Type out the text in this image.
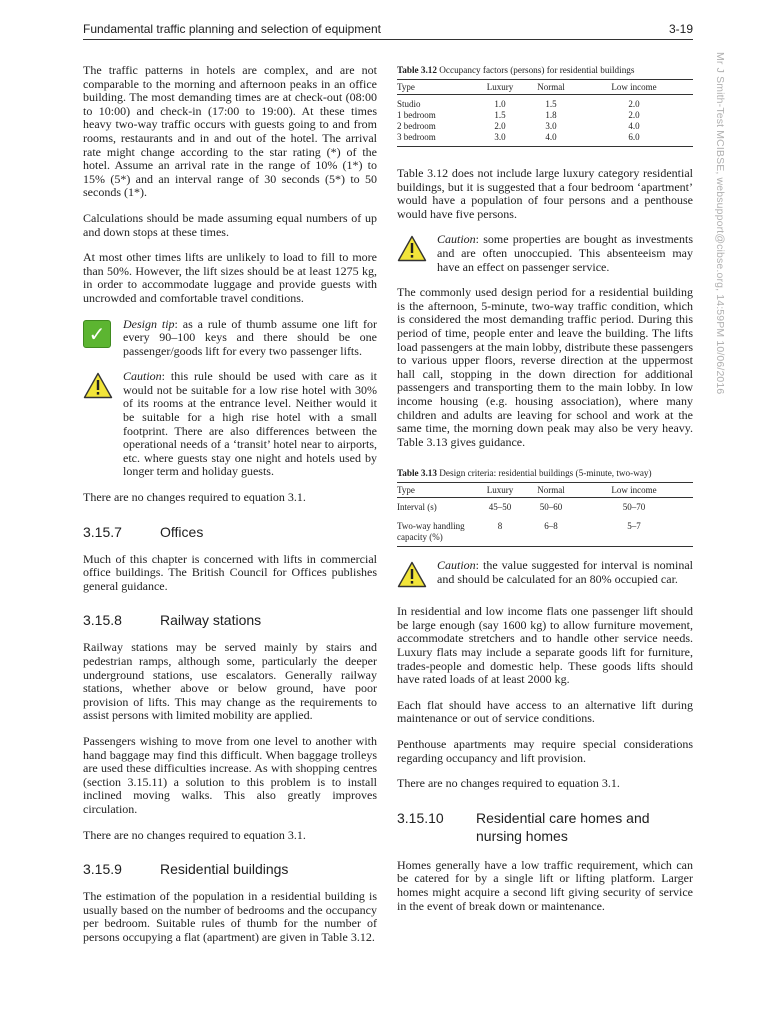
Fundamental traffic planning and selection of equipment	3-19
Mr J Smith-Test MCIBSE, websupport@cibse.org, 14:59PM 10/06/2016

The traffic patterns in hotels are complex, and are not comparable to the morning and afternoon peaks in an office building. The most demanding times are at check-out (08:00 to 10:00) and check-in (17:00 to 19:00). At these times heavy two-way traffic occurs with guests going to and from rooms, restaurants and in and out of the hotel. The arrival rate might change according to the star rating (*) of the hotel. Assume an arrival rate in the range of 10% (1*) to 15% (5*) and an interval range of 30 seconds (5*) to 50 seconds (1*).

Calculations should be made assuming equal numbers of up and down stops at these times.

At most other times lifts are unlikely to load to fill to more than 50%. However, the lift sizes should be at least 1275 kg, in order to accommodate luggage and provide guests with uncrowded and comfortable travel conditions.

✓	Design tip: as a rule of thumb assume one lift for every 90–100 keys and there should be one passenger/goods lift for every two passenger lifts.

Caution: this rule should be used with care as it would not be suitable for a low rise hotel with 30% of its rooms at the entrance level. Neither would it be suitable for a high rise hotel with a small footprint. There are also differences between the operational needs of a ‘transit’ hotel near to airports, etc. where guests stay one night and hotels used by longer term and holiday guests.

There are no changes required to equation 3.1.

3.15.7	Offices

Much of this chapter is concerned with lifts in commercial office buildings. The British Council for Offices publishes general guidance.

3.15.8	Railway stations

Railway stations may be served mainly by stairs and pedestrian ramps, although some, particularly the deeper underground stations, use escalators. Generally railway stations, whether above or below ground, have poor provision of lifts. This may change as the requirements to assist persons with limited mobility are applied.

Passengers wishing to move from one level to another with hand baggage may find this difficult. When baggage trolleys are used these difficulties increase. As with shopping centres (section 3.15.11) a solution to this problem is to install inclined moving walks. This also greatly improves circulation.

There are no changes required to equation 3.1.

3.15.9	Residential buildings

The estimation of the population in a residential building is usually based on the number of bedrooms and the occupancy per bedroom. Suitable rules of thumb for the number of persons occupying a flat (apartment) are given in Table 3.12.

Table 3.12 Occupancy factors (persons) for residential buildings
Type	Luxury	Normal	Low income
Studio	1.0	1.5	2.0
1 bedroom	1.5	1.8	2.0
2 bedroom	2.0	3.0	4.0
3 bedroom	3.0	4.0	6.0

Table 3.12 does not include large luxury category residential buildings, but it is suggested that a four bedroom ‘apartment’ would have a population of four persons and a penthouse would have five persons.

Caution: some properties are bought as investments and are often unoccupied. This absenteeism may have an effect on passenger service.

The commonly used design period for a residential building is the afternoon, 5-minute, two-way traffic condition, which is considered the most demanding traffic period. During this period of time, people enter and leave the building. The lifts load passengers at the main lobby, distribute these passengers to various upper floors, reverse direction at the uppermost hall call, stopping in the down direction for additional passengers and transporting them to the main lobby. In low income housing (e.g. housing association), where many children and adults are leaving for school and work at the same time, the morning down peak may also be very heavy. Table 3.13 gives guidance.

Table 3.13 Design criteria: residential buildings (5-minute, two-way)
Type	Luxury	Normal	Low income
Interval (s)	45–50	50–60	50–70
Two-way handling capacity (%)	8	6–8	5–7

Caution: the value suggested for interval is nominal and should be calculated for an 80% occupied car.

In residential and low income flats one passenger lift should be large enough (say 1600 kg) to allow furniture movement, accommodate stretchers and to handle other service needs. Luxury flats may include a separate goods lift for furniture, trades-people and domestic help. These goods lifts should have rated loads of at least 2000 kg.

Each flat should have access to an alternative lift during maintenance or out of service conditions.

Penthouse apartments may require special considerations regarding occupancy and lift provision.

There are no changes required to equation 3.1.

3.15.10	Residential care homes and nursing homes

Homes generally have a low traffic requirement, which can be catered for by a single lift or lifting platform. Larger homes might acquire a second lift giving security of service in the event of break down or maintenance.
